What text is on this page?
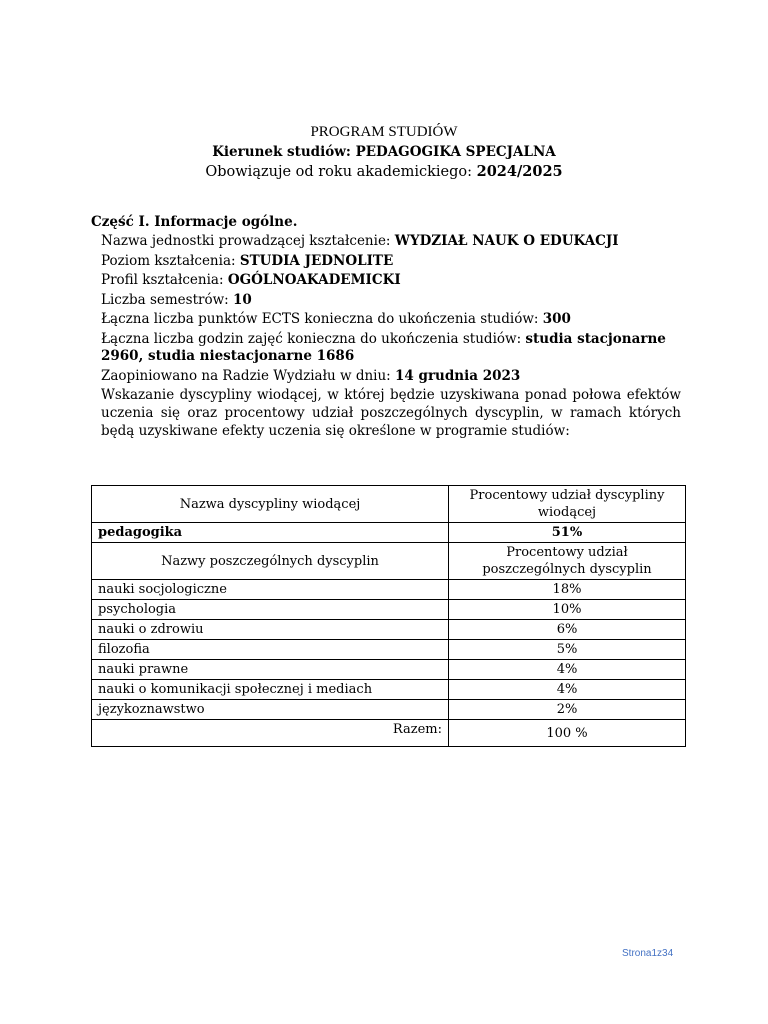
PROGRAM STUDIÓW
Kierunek studiów: PEDAGOGIKA SPECJALNA
Obowiązuje od roku akademickiego: 2024/2025
Część I. Informacje ogólne.
Nazwa jednostki prowadzącej kształcenie: WYDZIAŁ NAUK O EDUKACJI
Poziom kształcenia: STUDIA JEDNOLITE
Profil kształcenia: OGÓLNOAKADEMICKI
Liczba semestrów: 10
Łączna liczba punktów ECTS konieczna do ukończenia studiów: 300
Łączna liczba godzin zajęć konieczna do ukończenia studiów: studia stacjonarne 2960, studia niestacjonarne 1686
Zaopiniowano na Radzie Wydziału w dniu: 14 grudnia 2023
Wskazanie dyscypliny wiodącej, w której będzie uzyskiwana ponad połowa efektów uczenia się oraz procentowy udział poszczególnych dyscyplin, w ramach których będą uzyskiwane efekty uczenia się określone w programie studiów:
Nazwa dyscypliny wiodącej	Procentowy udział dyscypliny wiodącej
pedagogika	51%
Nazwy poszczególnych dyscyplin	Procentowy udział poszczególnych dyscyplin
nauki socjologiczne	18%
psychologia	10%
nauki o zdrowiu	6%
filozofia	5%
nauki prawne	4%
nauki o komunikacji społecznej i mediach	4%
językoznawstwo	2%
Razem:	100 %
Strona1z34
